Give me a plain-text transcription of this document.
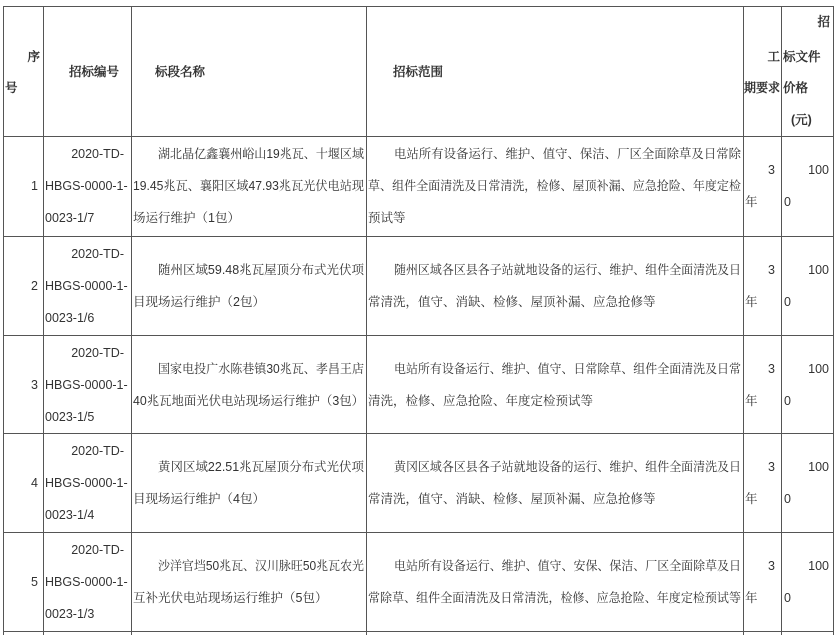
序
号
招标编号	标段名称	招标范围
工
期要求
招
标文件
价格
(元)
1
2020-TD-
HBGS-0000-1-
0023-1/7
湖北晶亿鑫襄州峪山19兆瓦、十堰区域
19.45兆瓦、襄阳区域47.93兆瓦光伏电站现
场运行维护（1包）
电站所有设备运行、维护、值守、保洁、厂区全面除草及日常除
草、组件全面清洗及日常清洗，检修、屋顶补漏、应急抢险、年度定检
预试等
3
年
100
0
2
2020-TD-
HBGS-0000-1-
0023-1/6
随州区域59.48兆瓦屋顶分布式光伏项
目现场运行维护（2包）
随州区域各区县各子站就地设备的运行、维护、组件全面清洗及日
常清洗，值守、消缺、检修、屋顶补漏、应急抢修等
3
年
100
0
3
2020-TD-
HBGS-0000-1-
0023-1/5
国家电投广水陈巷镇30兆瓦、孝昌王店
40兆瓦地面光伏电站现场运行维护（3包）
电站所有设备运行、维护、值守、日常除草、组件全面清洗及日常
清洗，检修、应急抢险、年度定检预试等
3
年
100
0
4
2020-TD-
HBGS-0000-1-
0023-1/4
黄冈区域22.51兆瓦屋顶分布式光伏项
目现场运行维护（4包）
黄冈区域各区县各子站就地设备的运行、维护、组件全面清洗及日
常清洗，值守、消缺、检修、屋顶补漏、应急抢修等
3
年
100
0
5
2020-TD-
HBGS-0000-1-
0023-1/3
沙洋官垱50兆瓦、汉川脉旺50兆瓦农光
互补光伏电站现场运行维护（5包）
电站所有设备运行、维护、值守、安保、保洁、厂区全面除草及日
常除草、组件全面清洗及日常清洗，检修、应急抢险、年度定检预试等
3
年
100
0
